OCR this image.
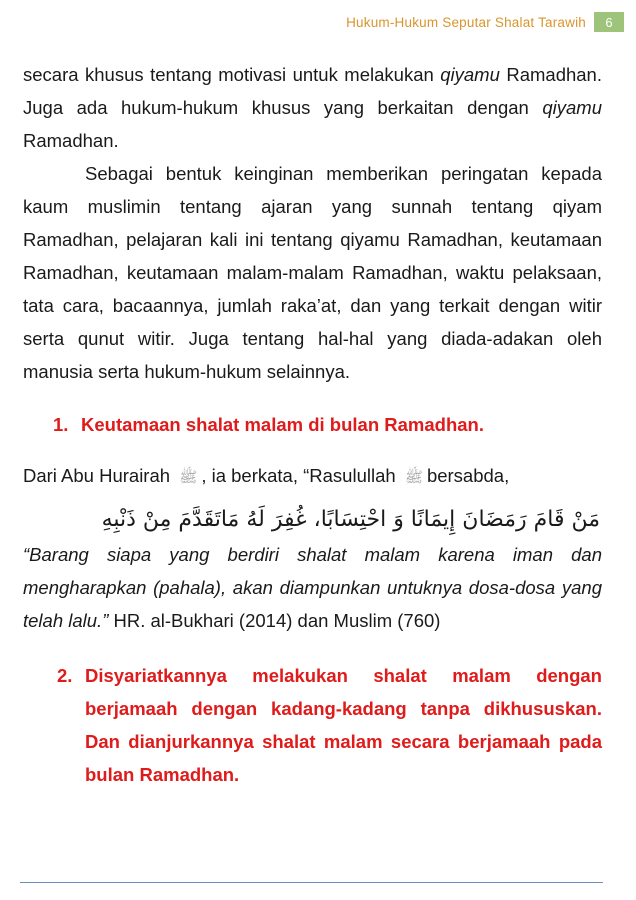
Hukum-Hukum Seputar Shalat Tarawih	6

secara khusus tentang motivasi untuk melakukan qiyamu Ramadhan. Juga ada hukum-hukum khusus yang berkaitan dengan qiyamu Ramadhan.

Sebagai bentuk keinginan memberikan peringatan kepada kaum muslimin tentang ajaran yang sunnah tentang qiyam Ramadhan, pelajaran kali ini tentang qiyamu Ramadhan, keutamaan Ramadhan, keutamaan malam-malam Ramadhan, waktu pelaksaan, tata cara, bacaannya, jumlah raka’at, dan yang terkait dengan witir serta qunut witir. Juga tentang hal-hal yang diada-adakan oleh manusia serta hukum-hukum selainnya.

1. Keutamaan shalat malam di bulan Ramadhan.

Dari Abu Hurairah ﷺ , ia berkata, “Rasulullah ﷺ bersabda,

مَنْ قَامَ رَمَضَانَ إِيمَانًا وَ احْتِسَابًا، غُفِرَ لَهُ مَاتَقَدَّمَ مِنْ ذَنْبِهِ

“Barang siapa yang berdiri shalat malam karena iman dan mengharapkan (pahala), akan diampunkan untuknya dosa-dosa yang telah lalu.” HR. al-Bukhari (2014) dan Muslim (760)

2. Disyariatkannya melakukan shalat malam dengan berjamaah dengan kadang-kadang tanpa dikhususkan. Dan dianjurkannya shalat malam secara berjamaah pada bulan Ramadhan.
